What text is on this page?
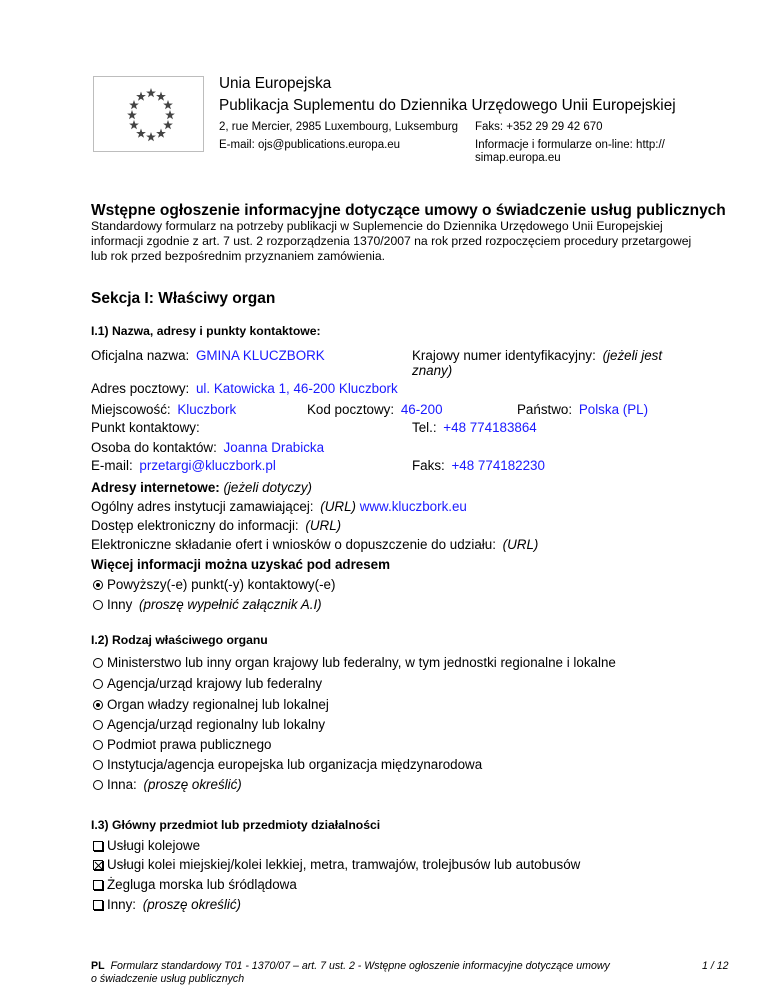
Unia Europejska
Publikacja Suplementu do Dziennika Urzędowego Unii Europejskiej
2, rue Mercier, 2985 Luxembourg, Luksemburg Faks: +352 29 29 42 670
E-mail: ojs@publications.europa.eu	Informacje i formularze on-line: http://
simap.europa.eu
Wstępne ogłoszenie informacyjne dotyczące umowy o świadczenie usług publicznych
Standardowy formularz na potrzeby publikacji w Suplemencie do Dziennika Urzędowego Unii Europejskiej
informacji zgodnie z art. 7 ust. 2 rozporządzenia 1370/2007 na rok przed rozpoczęciem procedury przetargowej
lub rok przed bezpośrednim przyznaniem zamówienia.
Sekcja I: Właściwy organ
I.1) Nazwa, adresy i punkty kontaktowe:
Oficjalna nazwa: GMINA KLUCZBORK	Krajowy numer identyfikacyjny: (jeżeli jest
znany)
Adres pocztowy: ul. Katowicka 1, 46-200 Kluczbork
Miejscowość: Kluczbork	Kod pocztowy: 46-200	Państwo: Polska (PL)
Punkt kontaktowy:	Tel.: +48 774183864
Osoba do kontaktów: Joanna Drabicka
E-mail: przetargi@kluczbork.pl	Faks: +48 774182230
Adresy internetowe: (jeżeli dotyczy)
Ogólny adres instytucji zamawiającej: (URL) www.kluczbork.eu
Dostęp elektroniczny do informacji: (URL)
Elektroniczne składanie ofert i wniosków o dopuszczenie do udziału: (URL)
Więcej informacji można uzyskać pod adresem
Powyższy(-e) punkt(-y) kontaktowy(-e)
Inny (proszę wypełnić załącznik A.I)
I.2) Rodzaj właściwego organu
Ministerstwo lub inny organ krajowy lub federalny, w tym jednostki regionalne i lokalne
Agencja/urząd krajowy lub federalny
Organ władzy regionalnej lub lokalnej
Agencja/urząd regionalny lub lokalny
Podmiot prawa publicznego
Instytucja/agencja europejska lub organizacja międzynarodowa
Inna: (proszę określić)
I.3) Główny przedmiot lub przedmioty działalności
Usługi kolejowe
Usługi kolei miejskiej/kolei lekkiej, metra, tramwajów, trolejbusów lub autobusów
Żegluga morska lub śródlądowa
Inny: (proszę określić)
PL Formularz standardowy T01 - 1370/07 – art. 7 ust. 2 - Wstępne ogłoszenie informacyjne dotyczące umowy
o świadczenie usług publicznych
1 / 12
